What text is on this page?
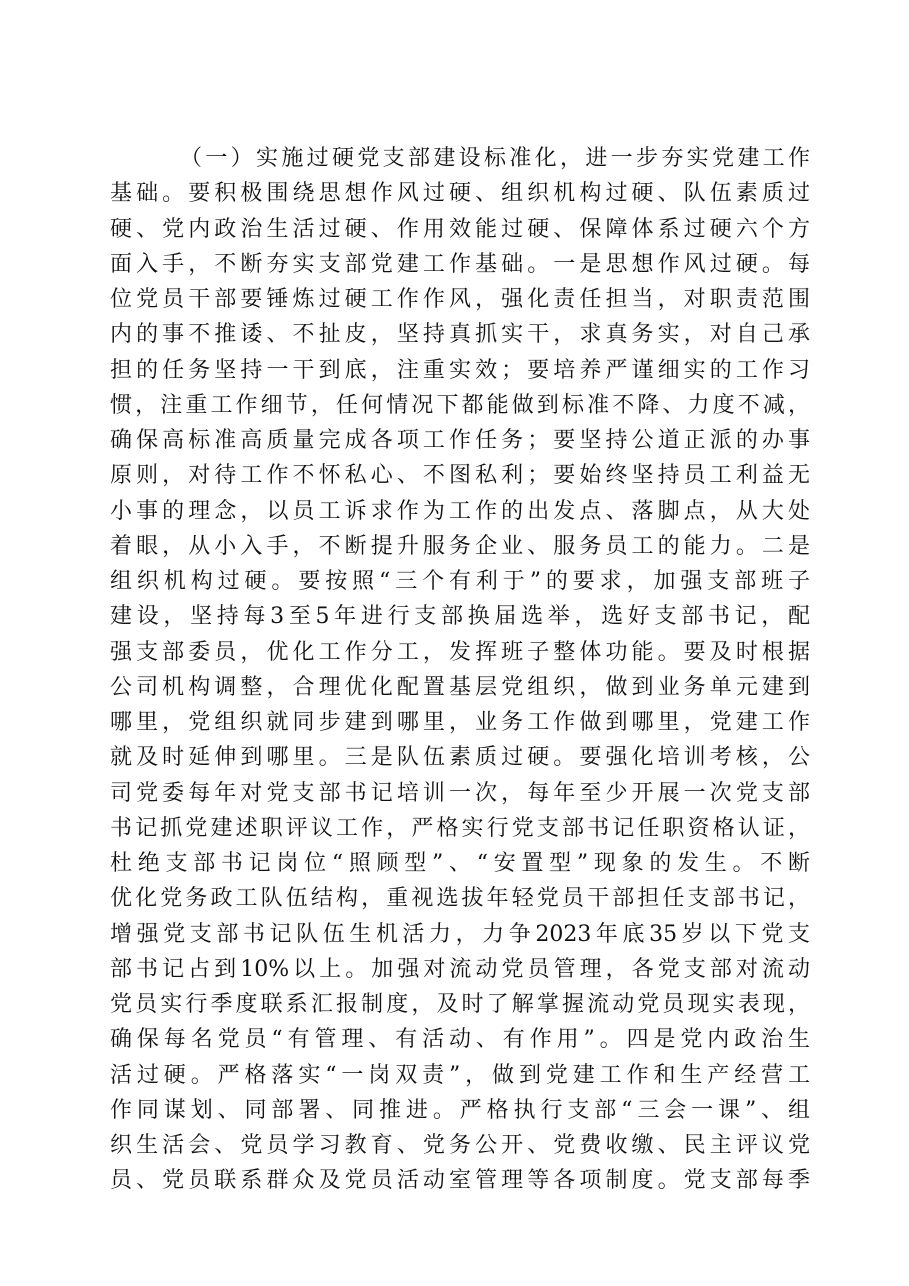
（一）实施过硬党支部建设标准化，进一步夯实党建工作
基础。要积极围绕思想作风过硬、组织机构过硬、队伍素质过
硬、党内政治生活过硬、作用效能过硬、保障体系过硬六个方
面入手，不断夯实支部党建工作基础。一是思想作风过硬。每
位党员干部要锤炼过硬工作作风，强化责任担当，对职责范围
内的事不推诿、不扯皮，坚持真抓实干，求真务实，对自己承
担的任务坚持一干到底，注重实效；要培养严谨细实的工作习
惯，注重工作细节，任何情况下都能做到标准不降、力度不减，
确保高标准高质量完成各项工作任务；要坚持公道正派的办事
原则，对待工作不怀私心、不图私利；要始终坚持员工利益无
小事的理念，以员工诉求作为工作的出发点、落脚点，从大处
着眼，从小入手，不断提升服务企业、服务员工的能力。二是
组织机构过硬。要按照“三个有利于”的要求，加强支部班子
建设，坚持每3至5年进行支部换届选举，选好支部书记，配
强支部委员，优化工作分工，发挥班子整体功能。要及时根据
公司机构调整，合理优化配置基层党组织，做到业务单元建到
哪里，党组织就同步建到哪里，业务工作做到哪里，党建工作
就及时延伸到哪里。三是队伍素质过硬。要强化培训考核，公
司党委每年对党支部书记培训一次，每年至少开展一次党支部
书记抓党建述职评议工作，严格实行党支部书记任职资格认证，
杜绝支部书记岗位“照顾型”、“安置型”现象的发生。不断
优化党务政工队伍结构，重视选拔年轻党员干部担任支部书记，
增强党支部书记队伍生机活力，力争2023年底35岁以下党支
部书记占到10%以上。加强对流动党员管理，各党支部对流动
党员实行季度联系汇报制度，及时了解掌握流动党员现实表现，
确保每名党员“有管理、有活动、有作用”。四是党内政治生
活过硬。严格落实“一岗双责”，做到党建工作和生产经营工
作同谋划、同部署、同推进。严格执行支部“三会一课”、组
织生活会、党员学习教育、党务公开、党费收缴、民主评议党
员、党员联系群众及党员活动室管理等各项制度。党支部每季
